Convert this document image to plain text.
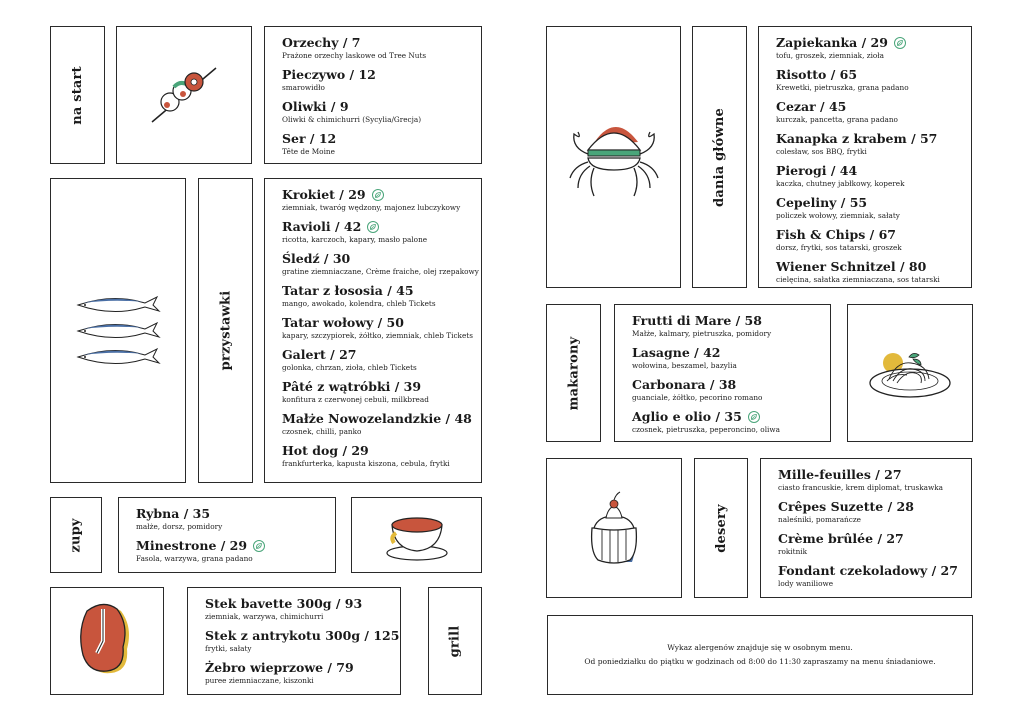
na start
Orzechy / 7
Prażone orzechy laskowe od Tree Nuts
Pieczywo / 12
smarowidło
Oliwki / 9
Oliwki & chimichurri (Sycylia/Grecja)
Ser / 12
Tête de Moine
przystawki
Krokiet / 29
ziemniak, twaróg wędzony, majonez lubczykowy
Ravioli / 42
ricotta, karczoch, kapary, masło palone
Śledź / 30
gratine ziemniaczane, Crème fraiche, olej rzepakowy
Tatar z łososia / 45
mango, awokado, kolendra, chleb Tickets
Tatar wołowy / 50
kapary, szczypiorek, żółtko, ziemniak, chleb Tickets
Galert / 27
golonka, chrzan, zioła, chleb Tickets
Pâté z wątróbki / 39
konfitura z czerwonej cebuli, milkbread
Małże Nowozelandzkie / 48
czosnek, chilli, panko
Hot dog / 29
frankfurterka, kapusta kiszona, cebula, frytki
zupy
Rybna / 35
małże, dorsz, pomidory
Minestrone / 29
Fasola, warzywa, grana padano
Stek bavette 300g / 93
ziemniak, warzywa, chimichurri
Stek z antrykotu 300g / 125
frytki, sałaty
Żebro wieprzowe / 79
puree ziemniaczane, kiszonki
grill
dania główne
Zapiekanka / 29
tofu, groszek, ziemniak, zioła
Risotto / 65
Krewetki, pietruszka, grana padano
Cezar / 45
kurczak, pancetta, grana padano
Kanapka z krabem / 57
colesław, sos BBQ, frytki
Pierogi / 44
kaczka, chutney jabłkowy, koperek
Cepeliny / 55
policzek wołowy, ziemniak, sałaty
Fish & Chips / 67
dorsz, frytki, sos tatarski, groszek
Wiener Schnitzel / 80
cielęcina, sałatka ziemniaczana, sos tatarski
makarony
Frutti di Mare / 58
Małże, kalmary, pietruszka, pomidory
Lasagne / 42
wołowina, beszamel, bazylia
Carbonara / 38
guanciale, żółtko, pecorino romano
Aglio e olio / 35
czosnek, pietruszka, peperoncino, oliwa
desery
Mille-feuilles / 27
ciasto francuskie, krem diplomat, truskawka
Crêpes Suzette / 28
naleśniki, pomarańcze
Crème brûlée / 27
rokitnik
Fondant czekoladowy / 27
lody waniliowe
Wykaz alergenów znajduje się w osobnym menu.
Od poniedziałku do piątku w godzinach od 8:00 do 11:30 zapraszamy na menu śniadaniowe.
